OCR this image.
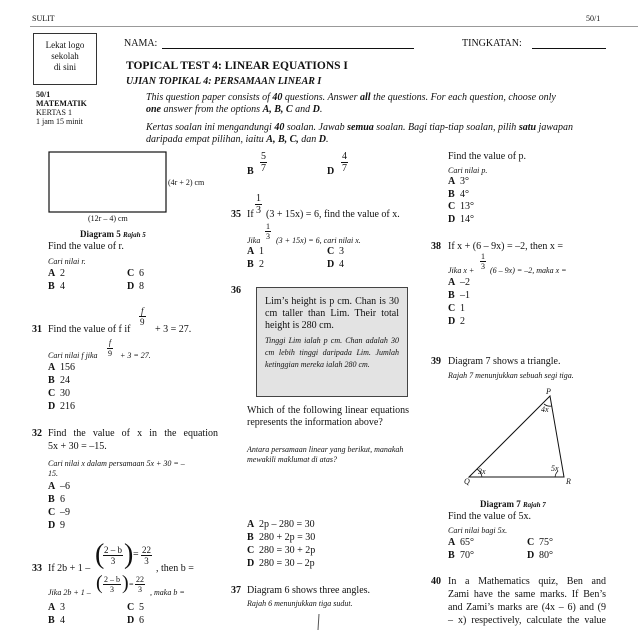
SULIT	50/1
Lekat logo
sekolah
di sini
50/1
MATEMATIK
KERTAS 1
1 jam 15 minit
NAMA:	TINGKATAN:
TOPICAL TEST 4: LINEAR EQUATIONS I
UJIAN TOPIKAL 4: PERSAMAAN LINEAR I
This question paper consists of 40 questions. Answer all the questions. For each question, choose only
one answer from the options A, B, C and D.
Kertas soalan ini mengandungi 40 soalan. Jawab semua soalan. Bagi tiap-tiap soalan, pilih satu jawapan
daripada empat pilihan, iaitu A, B, C, dan D.
(4r + 2) cm
(12r – 4) cm
Diagram 5 Rajah 5
Find the value of r.
Cari nilai r.
A 2
B 4
C 6
D 8
31 Find the value of f if
$\frac{f}{9}$
+ 3 = 27.
Cari nilai f jika $\frac{f}{9} + 3 = 27$.
A 156
B 24
C 30
D 216
32 Find the value of x in the equation
5x + 30 = –15.
Cari nilai x dalam persamaan 5x + 30 = –
15.
A –6
B 6
C –9
D 9
33 If 2b + 1 – (
$\frac{2 - b}{3}$ ) = $\frac{22}{3}$
, then b =
Jika 2b + 1 – ( $\frac{2 - b}{3}$ ) = $\frac{22}{3}$ , maka b =
A 3
B 4
C 5
D 6
B $\frac{5}{7}$	D $\frac{4}{7}$
35 If $\frac{1}{3} (3 + 15x) = 6$, find the value of x.
Jika $\frac{1}{3} (3 + 15x) = 6$, cari nilai x.
A 1
B 2
C 3
D 4
36
Lim’s height is p cm. Chan is 30 cm taller than Lim. Their total height is 280 cm.
Tinggi Lim ialah p cm. Chan adalah 30 cm lebih tinggi daripada Lim. Jumlah ketinggian mereka ialah 280 cm.
Which of the following linear equations represents the information above?
Antara persamaan linear yang berikut, manakah mewakili maklumat di atas?
A 2p – 280 = 30
B 280 + 2p = 30
C 280 = 30 + 2p
D 280 = 30 – 2p
37 Diagram 6 shows three angles.
Rajah 6 menunjukkan tiga sudut.
Find the value of p.
Cari nilai p.
A 3°
B 4°
C 13°
D 14°
38 If x + (6 – 9x) = –2, then x =
Jika $x + \frac{1}{3} (6 - 9x) = -2$, maka x =
A –2
B –1
C 1
D 2
39 Diagram 7 shows a triangle.
Rajah 7 menunjukkan sebuah segi tiga.
P
Q	R
4x
3x	5x
Diagram 7 Rajah 7
Find the value of 5x.
Cari nilai bagi 5x.
A 65°
B 70°
C 75°
D 80°
40 In a Mathematics quiz, Ben and
Zami have the same marks. If Ben’s
and Zami’s marks are (4x – 6) and (9
– x) respectively, calculate the value
